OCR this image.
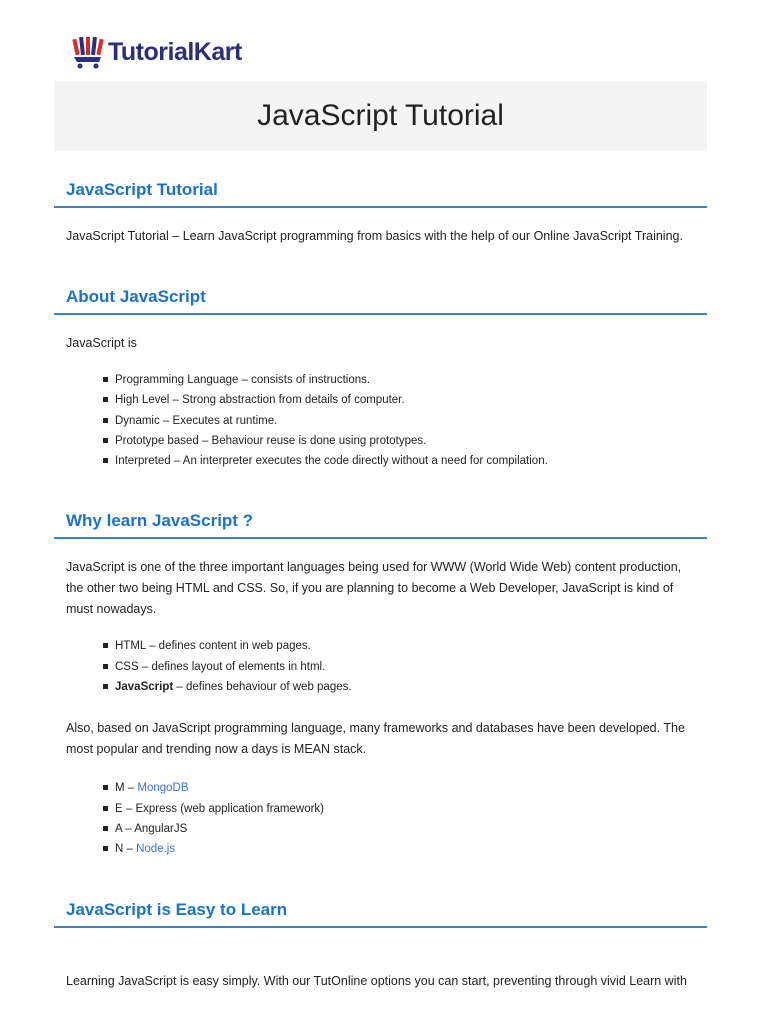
TutorialKart
JavaScript Tutorial
JavaScript Tutorial

JavaScript Tutorial – Learn JavaScript programming from basics with the help of our Online JavaScript Training.

About JavaScript

JavaScript is

Programming Language – consists of instructions.
High Level – Strong abstraction from details of computer.
Dynamic – Executes at runtime.
Prototype based – Behaviour reuse is done using prototypes.
Interpreted – An interpreter executes the code directly without a need for compilation.
Why learn JavaScript ?

JavaScript is one of the three important languages being used for WWW (World Wide Web) content production, the other two being HTML and CSS. So, if you are planning to become a Web Developer, JavaScript is kind of must nowadays.

HTML – defines content in web pages.
CSS – defines layout of elements in html.
JavaScript – defines behaviour of web pages.

Also, based on JavaScript programming language, many frameworks and databases have been developed. The most popular and trending now a days is MEAN stack.

M – MongoDB
E – Express (web application framework)
A – AngularJS
N – Node.js
JavaScript is Easy to Learn
Learning JavaScript is easy simply. With our TutOnline options you can start, preventing through vivid Learn with
